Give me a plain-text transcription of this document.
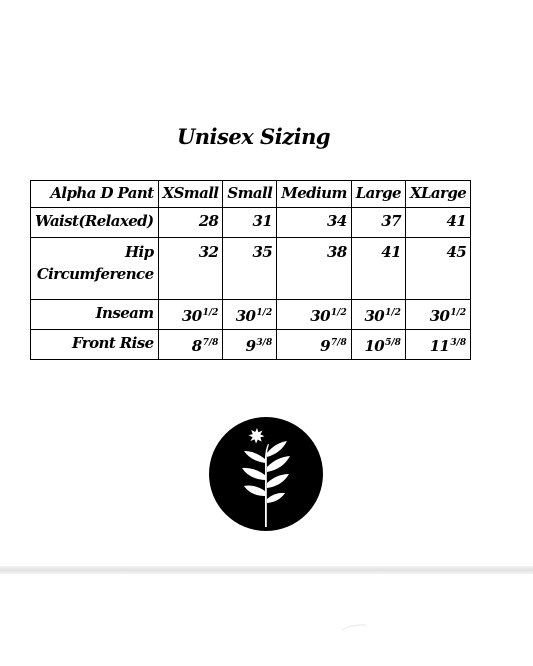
Unisex Sizing
Alpha D Pant	XSmall	Small	Medium	Large	XLarge
Waist(Relaxed)	28	31	34	37	41
Hip
Circumference	32	35	38	41	45
Inseam	$30^{1/2}$	$30^{1/2}$	$30^{1/2}$	$30^{1/2}$	$30^{1/2}$
Front Rise	$8^{7/8}$	$9^{3/8}$	$9^{7/8}$	$10^{5/8}$	$11^{3/8}$
